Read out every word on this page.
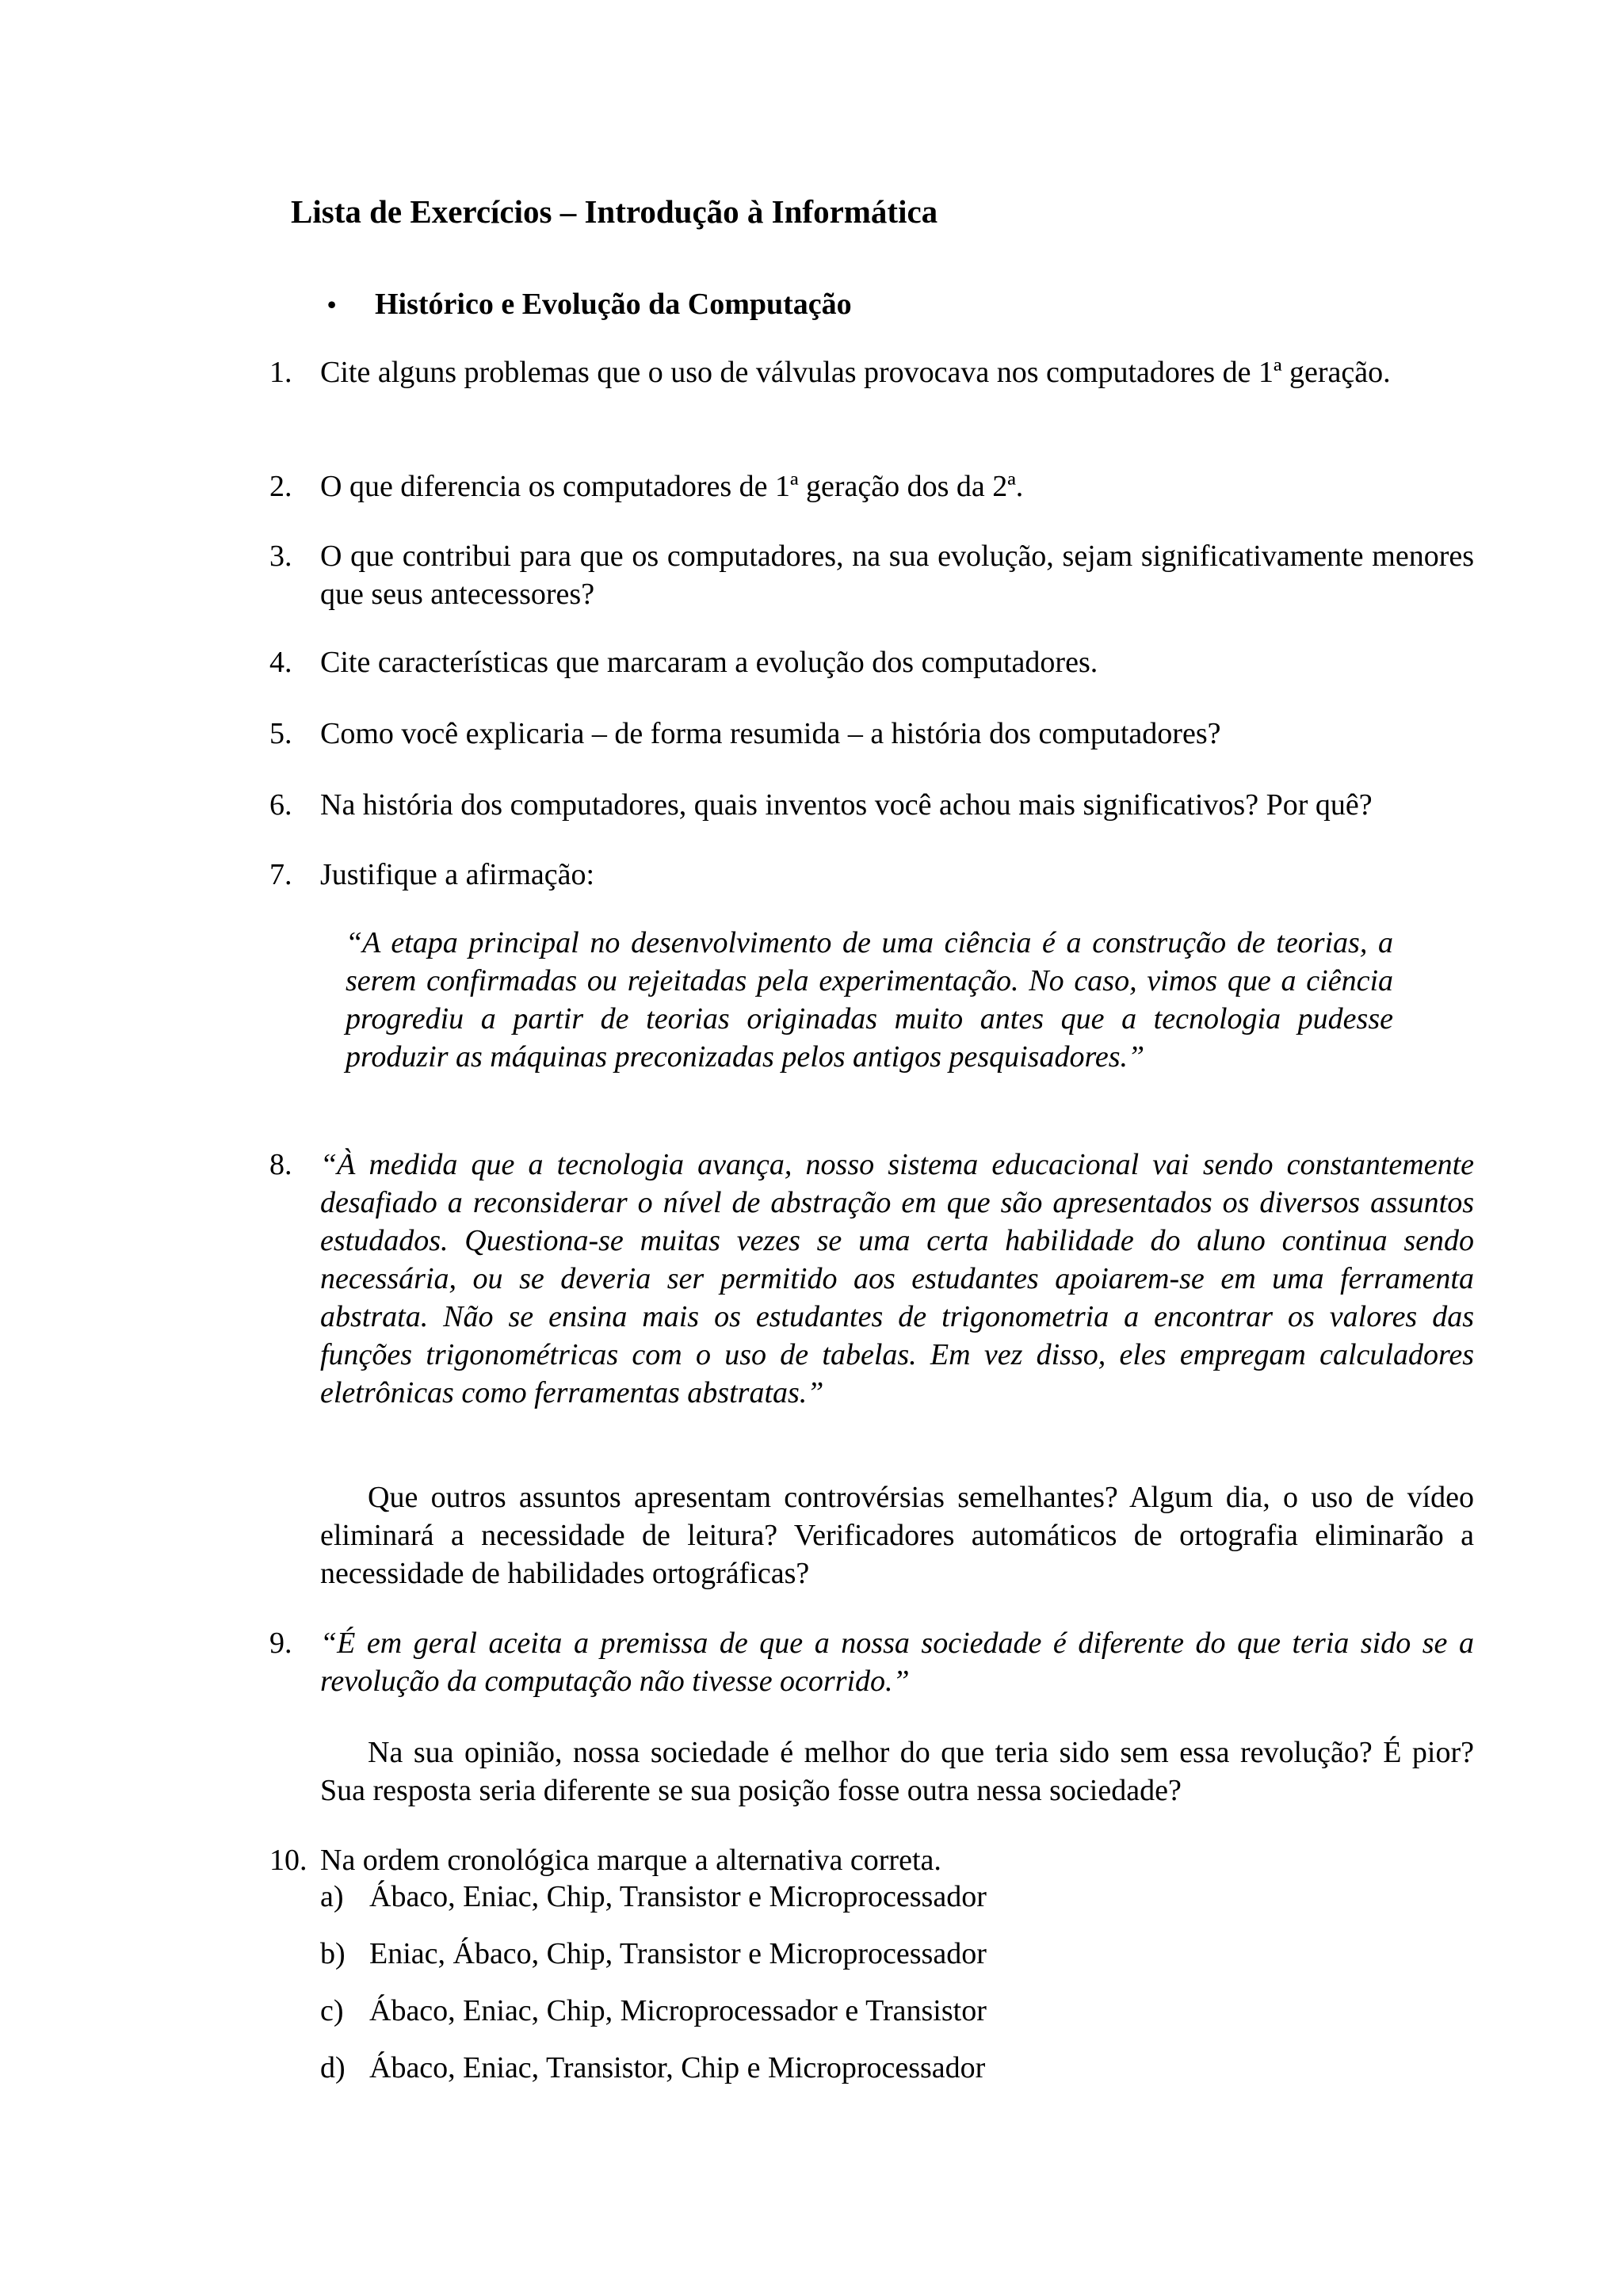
Lista de Exercícios – Introdução à Informática
•	Histórico e Evolução da Computação
1. Cite alguns problemas que o uso de válvulas provocava nos computadores de 1ª geração.
2. O que diferencia os computadores de 1ª geração dos da 2ª.
3. O que contribui para que os computadores, na sua evolução, sejam significativamente menores que seus antecessores?
4. Cite características que marcaram a evolução dos computadores.
5. Como você explicaria – de forma resumida – a história dos computadores?
6. Na história dos computadores, quais inventos você achou mais significativos? Por quê?
7. Justifique a afirmação:

“A etapa principal no desenvolvimento de uma ciência é a construção de teorias, a serem confirmadas ou rejeitadas pela experimentação. No caso, vimos que a ciência progrediu a partir de teorias originadas muito antes que a tecnologia pudesse produzir as máquinas preconizadas pelos antigos pesquisadores.”

8. “À medida que a tecnologia avança, nosso sistema educacional vai sendo constantemente desafiado a reconsiderar o nível de abstração em que são apresentados os diversos assuntos estudados. Questiona-se muitas vezes se uma certa habilidade do aluno continua sendo necessária, ou se deveria ser permitido aos estudantes apoiarem-se em uma ferramenta abstrata. Não se ensina mais os estudantes de trigonometria a encontrar os valores das funções trigonométricas com o uso de tabelas. Em vez disso, eles empregam calculadores eletrônicas como ferramentas abstratas.”

Que outros assuntos apresentam controvérsias semelhantes? Algum dia, o uso de vídeo eliminará a necessidade de leitura? Verificadores automáticos de ortografia eliminarão a necessidade de habilidades ortográficas?

9. “É em geral aceita a premissa de que a nossa sociedade é diferente do que teria sido se a revolução da computação não tivesse ocorrido.”

Na sua opinião, nossa sociedade é melhor do que teria sido sem essa revolução? É pior? Sua resposta seria diferente se sua posição fosse outra nessa sociedade?

10. Na ordem cronológica marque a alternativa correta.
a) Ábaco, Eniac, Chip, Transistor e Microprocessador
b) Eniac, Ábaco, Chip, Transistor e Microprocessador
c) Ábaco, Eniac, Chip, Microprocessador e Transistor
d) Ábaco, Eniac, Transistor, Chip e Microprocessador
